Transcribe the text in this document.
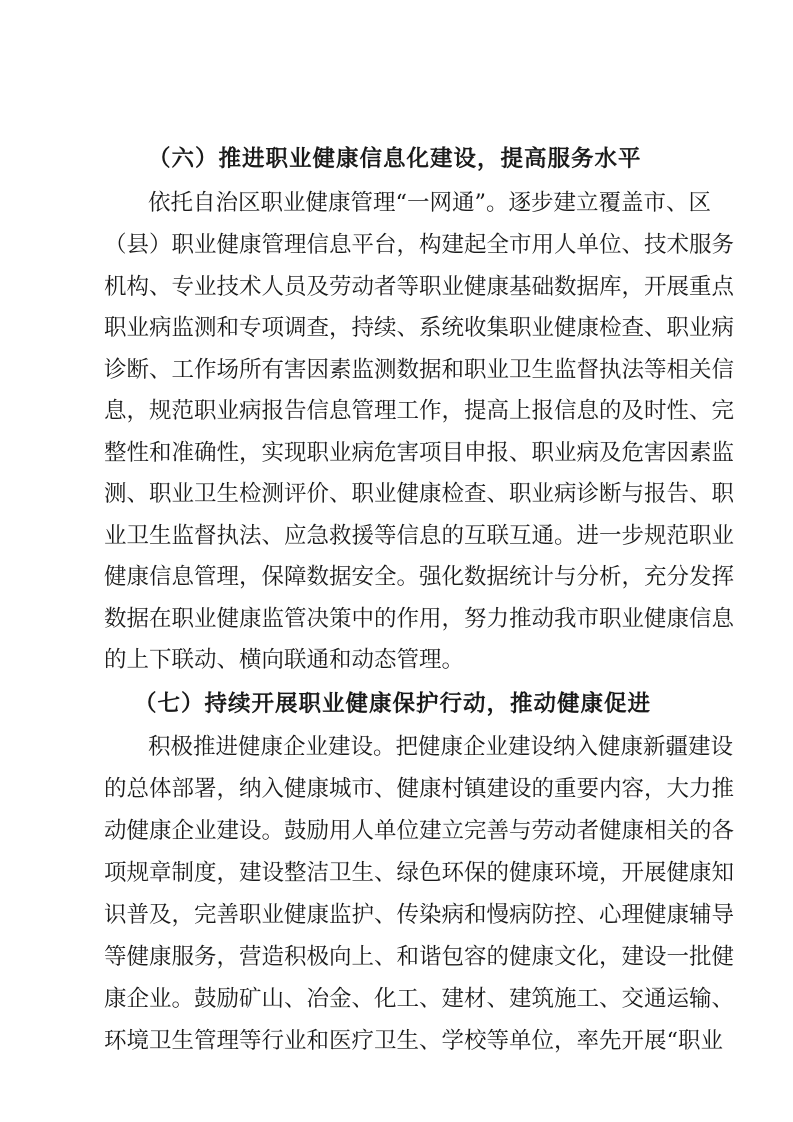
（六）推进职业健康信息化建设，提高服务水平
依托自治区职业健康管理“一网通”。逐步建立覆盖市、区
（县）职业健康管理信息平台，构建起全市用人单位、技术服务
机构、专业技术人员及劳动者等职业健康基础数据库，开展重点
职业病监测和专项调查，持续、系统收集职业健康检查、职业病
诊断、工作场所有害因素监测数据和职业卫生监督执法等相关信
息，规范职业病报告信息管理工作，提高上报信息的及时性、完
整性和准确性，实现职业病危害项目申报、职业病及危害因素监
测、职业卫生检测评价、职业健康检查、职业病诊断与报告、职
业卫生监督执法、应急救援等信息的互联互通。进一步规范职业
健康信息管理，保障数据安全。强化数据统计与分析，充分发挥
数据在职业健康监管决策中的作用，努力推动我市职业健康信息
的上下联动、横向联通和动态管理。
（七）持续开展职业健康保护行动，推动健康促进
积极推进健康企业建设。把健康企业建设纳入健康新疆建设
的总体部署，纳入健康城市、健康村镇建设的重要内容，大力推
动健康企业建设。鼓励用人单位建立完善与劳动者健康相关的各
项规章制度，建设整洁卫生、绿色环保的健康环境，开展健康知
识普及，完善职业健康监护、传染病和慢病防控、心理健康辅导
等健康服务，营造积极向上、和谐包容的健康文化，建设一批健
康企业。鼓励矿山、冶金、化工、建材、建筑施工、交通运输、
环境卫生管理等行业和医疗卫生、学校等单位，率先开展“职业
